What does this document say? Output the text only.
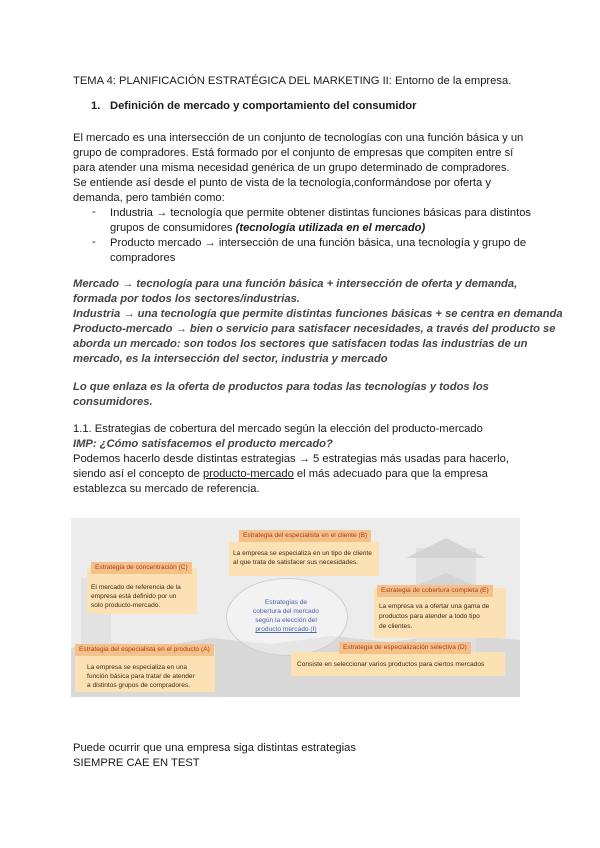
TEMA 4: PLANIFICACIÓN ESTRATÉGICA DEL MARKETING II: Entorno de la empresa.
1. Definición de mercado y comportamiento del consumidor
El mercado es una intersección de un conjunto de tecnologías con una función básica y un
grupo de compradores. Está formado por el conjunto de empresas que compiten entre sí
para atender una misma necesidad genérica de un grupo determinado de compradores.
Se entiende así desde el punto de vista de la tecnología,conformándose por oferta y
demanda, pero también como:
- Industria → tecnología que permite obtener distintas funciones básicas para distintos
grupos de consumidores (tecnología utilizada en el mercado)
- Producto mercado → intersección de una función básica, una tecnología y grupo de
compradores
Mercado → tecnología para una función básica + intersección de oferta y demanda,
formada por todos los sectores/industrias.
Industria → una tecnología que permite distintas funciones básicas + se centra en demanda
Producto-mercado → bien o servicio para satisfacer necesidades, a través del producto se
aborda un mercado: son todos los sectores que satisfacen todas las industrias de un
mercado, es la intersección del sector, industria y mercado
Lo que enlaza es la oferta de productos para todas las tecnologías y todos los
consumidores.
1.1. Estrategias de cobertura del mercado según la elección del producto-mercado
IMP: ¿Cómo satisfacemos el producto mercado?
Podemos hacerlo desde distintas estrategias → 5 estrategias más usadas para hacerlo,
siendo así el concepto de producto-mercado el más adecuado para que la empresa
establezca su mercado de referencia.
Estrategias de
cobertura del mercado
según la elección del
producto mercado (I)
Estrategia del especialista en el cliente (B)
La empresa se especializa en un tipo de cliente
al que trata de satisfacer sus necesidades.
Estrategia de concentración (C)
El mercado de referencia de la
empresa está definido por un
solo producto-mercado.
Estrategia de cobertura completa (E)
La empresa va a ofertar una gama de
productos para atender a todo tipo
de clientes.
Estrategia del especialista en el producto (A)
La empresa se especializa en una
función básica para tratar de atender
a distintos grupos de compradores.
Estrategia de especialización selectiva (D)
Consiste en seleccionar varios productos para ciertos mercados
Puede ocurrir que una empresa siga distintas estrategias
SIEMPRE CAE EN TEST
